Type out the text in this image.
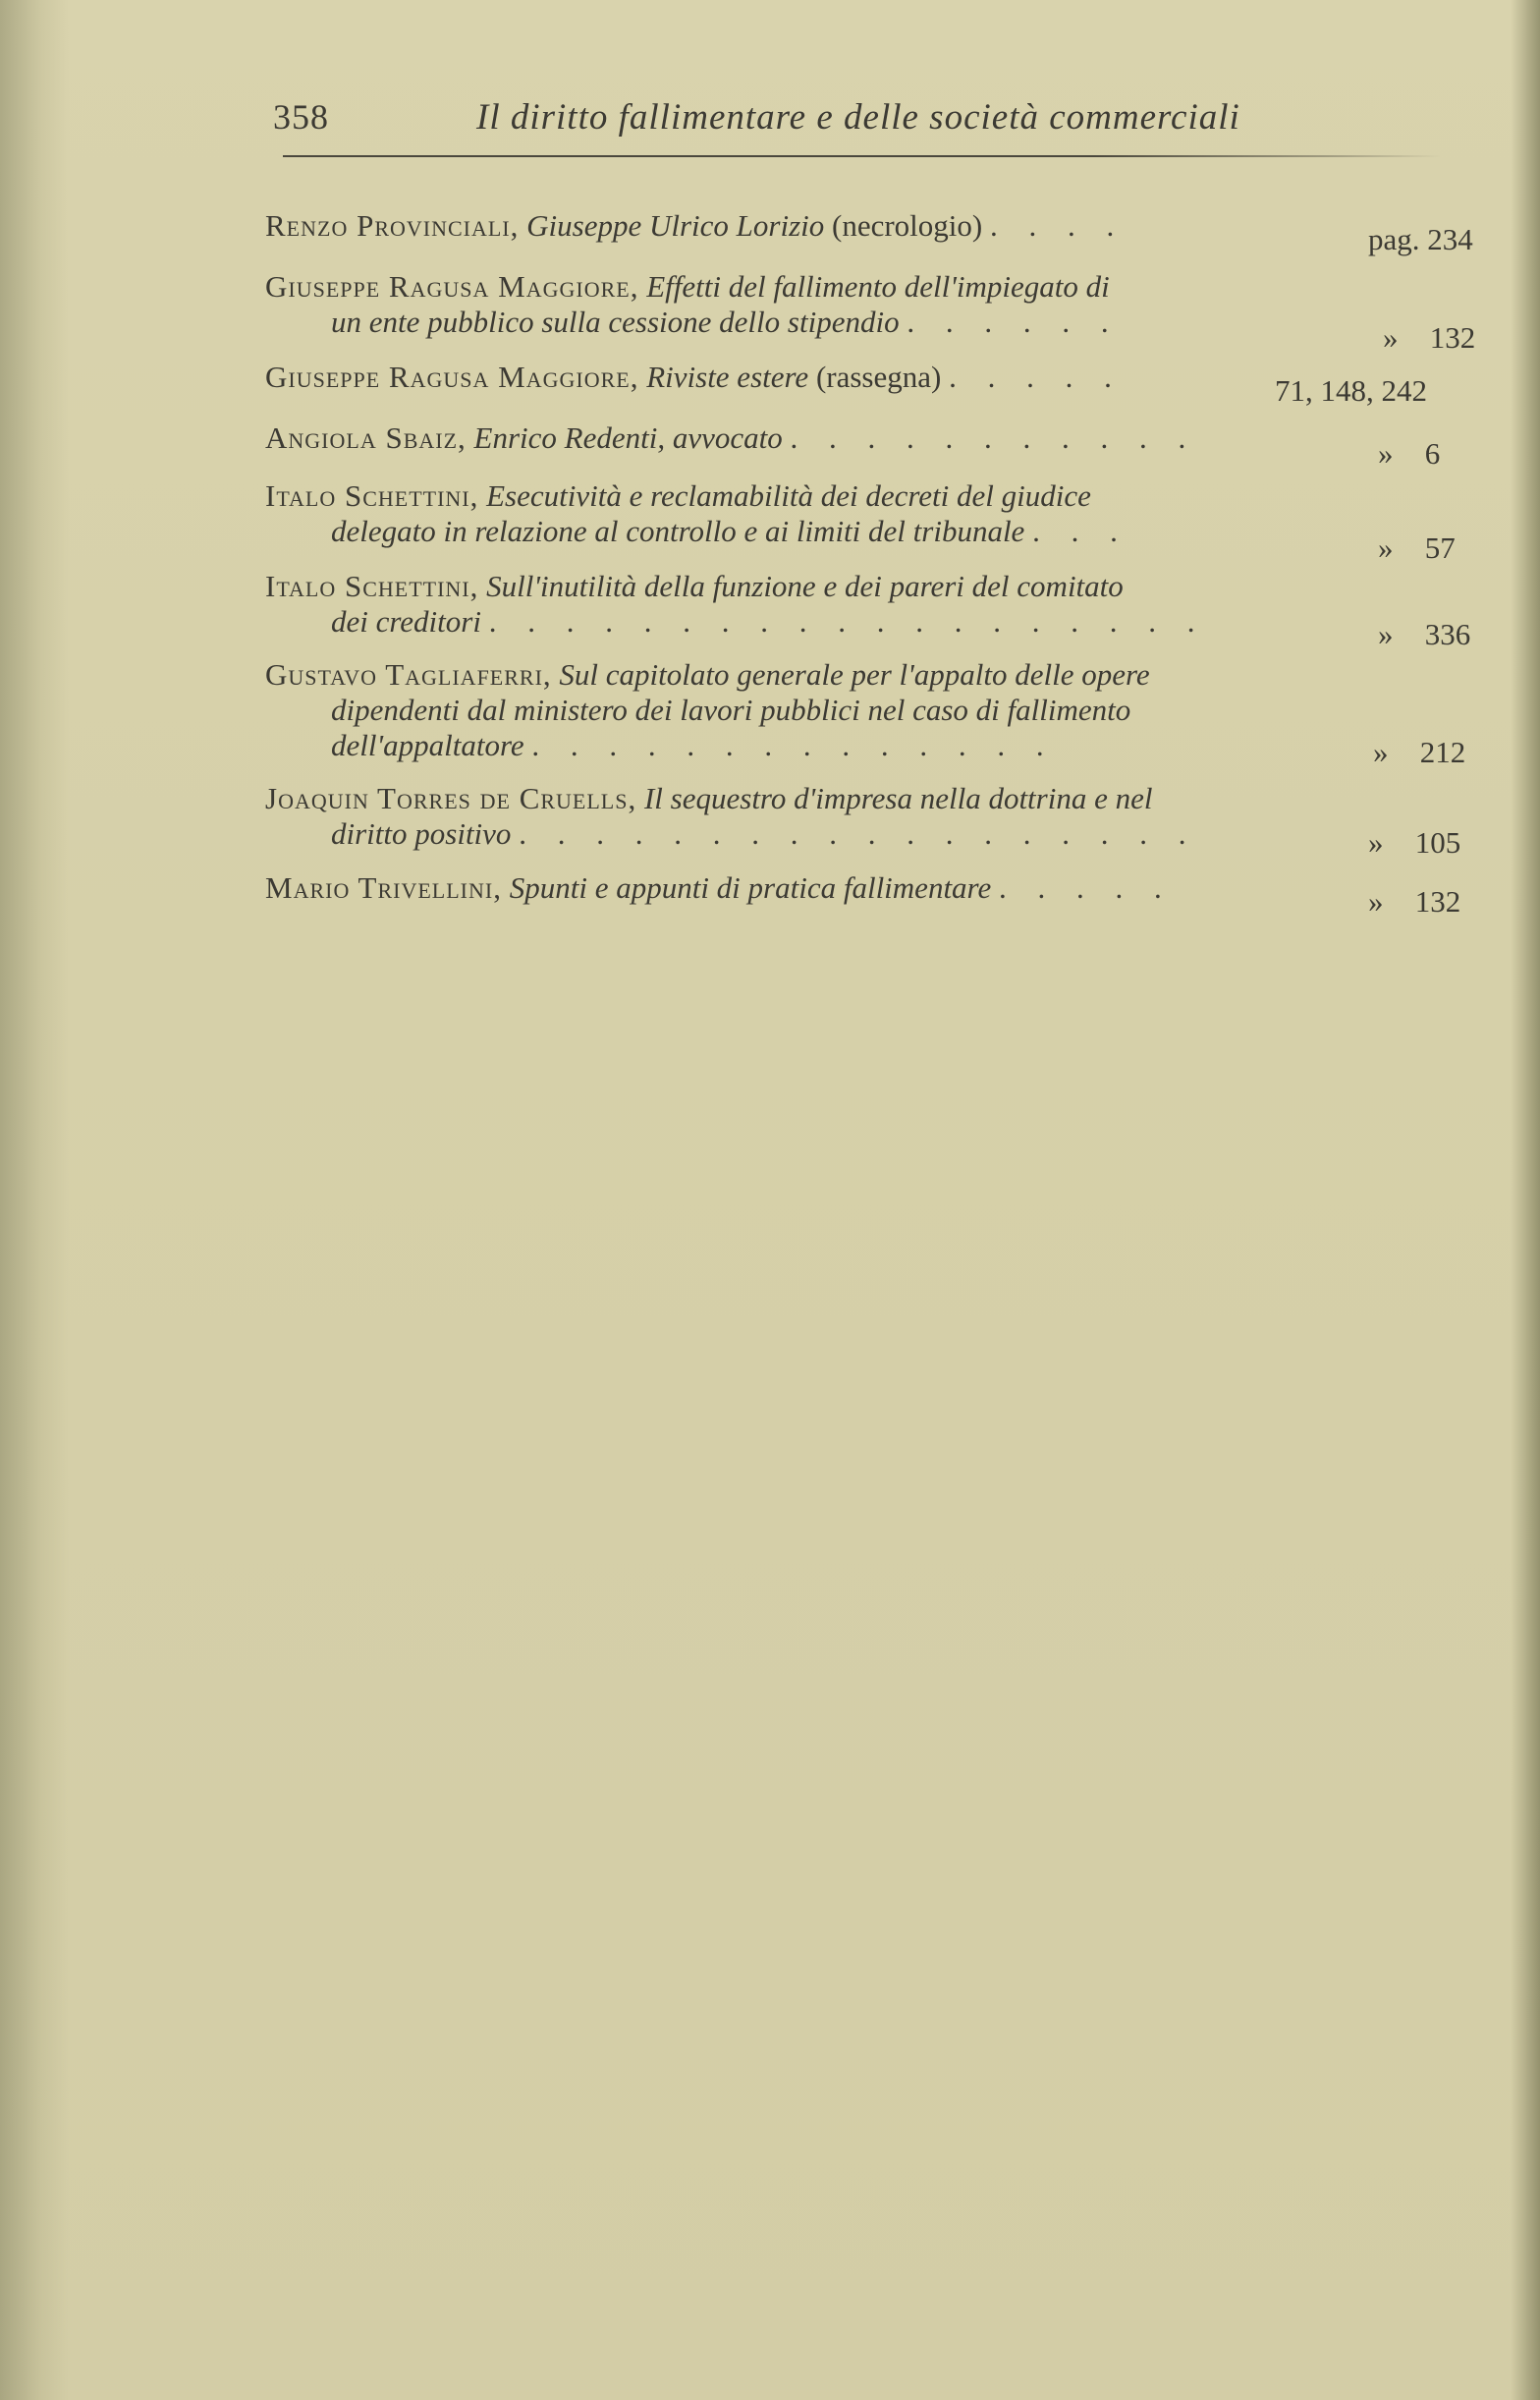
358	Il diritto fallimentare e delle società commerciali
Renzo Provinciali, Giuseppe Ulrico Lorizio (necrologio) . . . .	pag. 234
Giuseppe Ragusa Maggiore, Effetti del fallimento dell'impiegato di
un ente pubblico sulla cessione dello stipendio . . . . . .	» 132
Giuseppe Ragusa Maggiore, Riviste estere (rassegna) . . . . .	71, 148, 242
Angiola Sbaiz, Enrico Redenti, avvocato . . . . . . . . . . .	» 6
Italo Schettini, Esecutività e reclamabilità dei decreti del giudice
delegato in relazione al controllo e ai limiti del tribunale . . .	» 57
Italo Schettini, Sull'inutilità della funzione e dei pareri del comitato
dei creditori . . . . . . . . . . . . . . . . . . .	» 336
Gustavo Tagliaferri, Sul capitolato generale per l'appalto delle opere
dipendenti dal ministero dei lavori pubblici nel caso di fallimento
dell'appaltatore . . . . . . . . . . . . . .	» 212
Joaquin Torres de Cruells, Il sequestro d'impresa nella dottrina e nel
diritto positivo . . . . . . . . . . . . . . . . . .	» 105
Mario Trivellini, Spunti e appunti di pratica fallimentare . . . . .	» 132
